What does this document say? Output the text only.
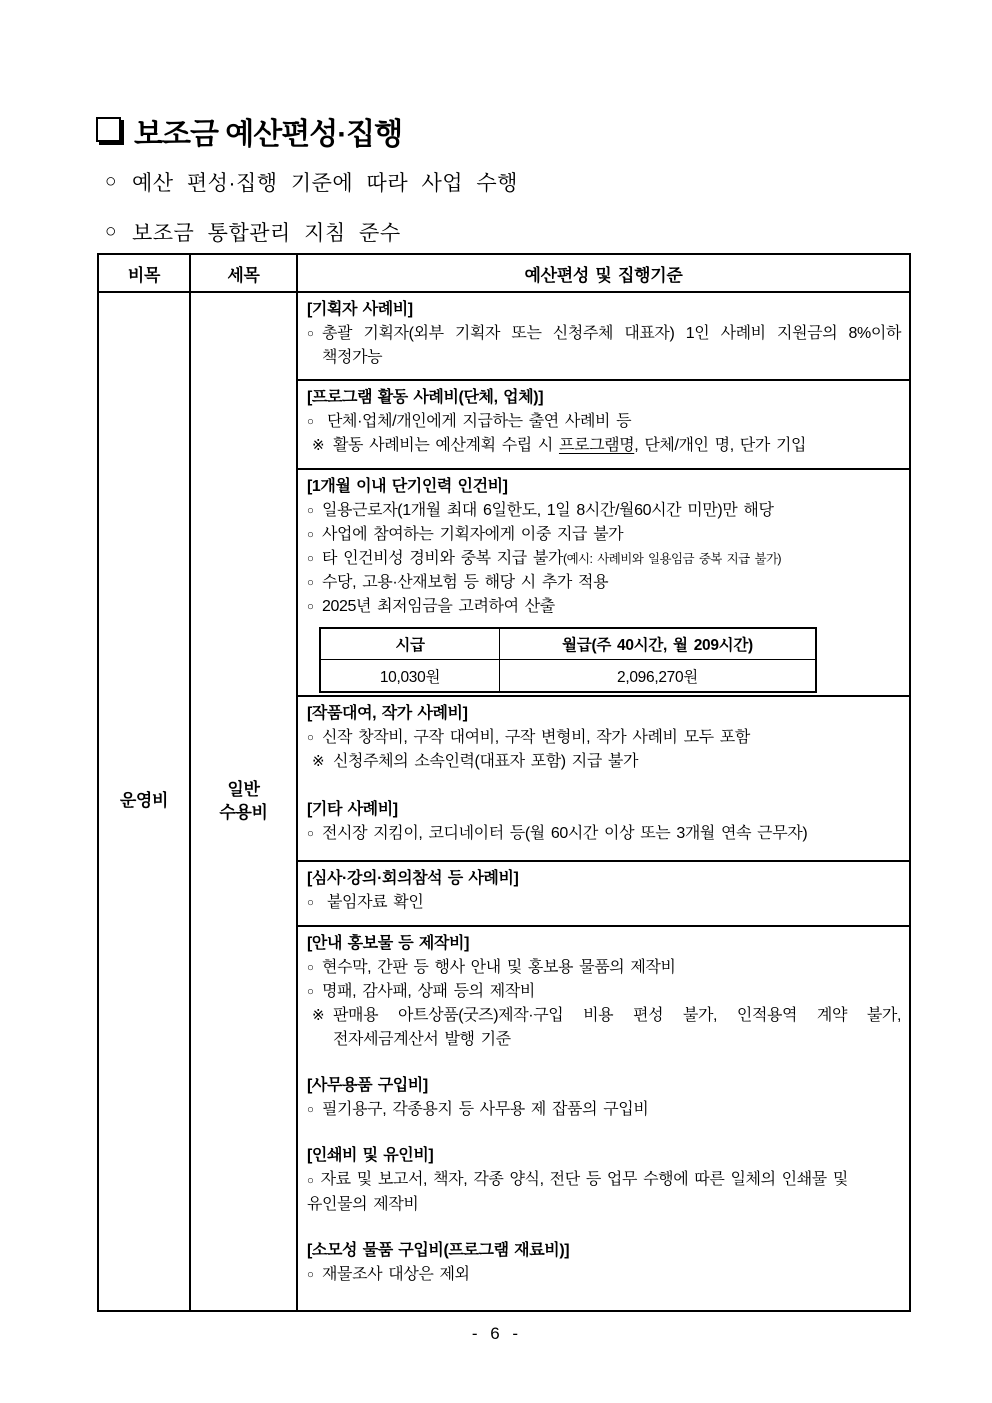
보조금 예산편성·집행
○ 예산 편성·집행 기준에 따라 사업 수행
○ 보조금 통합관리 지침 준수
비목	세목	예산편성 및 집행기준
운영비
일반
수용비
[기획자 사례비]
○ 총괄 기획자(외부 기획자 또는 신청주체 대표자) 1인 사례비 지원금의 8%이하 책정가능
[프로그램 활동 사례비(단체, 업체)]
○ 단체·업체/개인에게 지급하는 출연 사례비 등
※ 활동 사례비는 예산계획 수립 시 프로그램명, 단체/개인 명, 단가 기입
[1개월 이내 단기인력 인건비]
○ 일용근로자(1개월 최대 6일한도, 1일 8시간/월60시간 미만)만 해당
○ 사업에 참여하는 기획자에게 이중 지급 불가
○ 타 인건비성 경비와 중복 지급 불가(예시: 사례비와 일용임금 중복 지급 불가)
○ 수당, 고용·산재보험 등 해당 시 추가 적용
○ 2025년 최저임금을 고려하여 산출
시급	월급(주 40시간, 월 209시간)
10,030원	2,096,270원
[작품대여, 작가 사례비]
○ 신작 창작비, 구작 대여비, 구작 변형비, 작가 사례비 모두 포함
※ 신청주체의 소속인력(대표자 포함) 지급 불가
[기타 사례비]
○ 전시장 지킴이, 코디네이터 등(월 60시간 이상 또는 3개월 연속 근무자)
[심사·강의·회의참석 등 사례비]
○ 붙임자료 확인
[안내 홍보물 등 제작비]
○ 현수막, 간판 등 행사 안내 및 홍보용 물품의 제작비
○ 명패, 감사패, 상패 등의 제작비
※ 판매용 아트상품(굿즈)제작·구입 비용 편성 불가, 인적용역 계약 불가, 전자세금계산서 발행 기준
[사무용품 구입비]
○ 필기용구, 각종용지 등 사무용 제 잡품의 구입비
[인쇄비 및 유인비]
○ 자료 및 보고서, 책자, 각종 양식, 전단 등 업무 수행에 따른 일체의 인쇄물 및 유인물의 제작비
[소모성 물품 구입비(프로그램 재료비)]
○ 재물조사 대상은 제외
- 6 -
